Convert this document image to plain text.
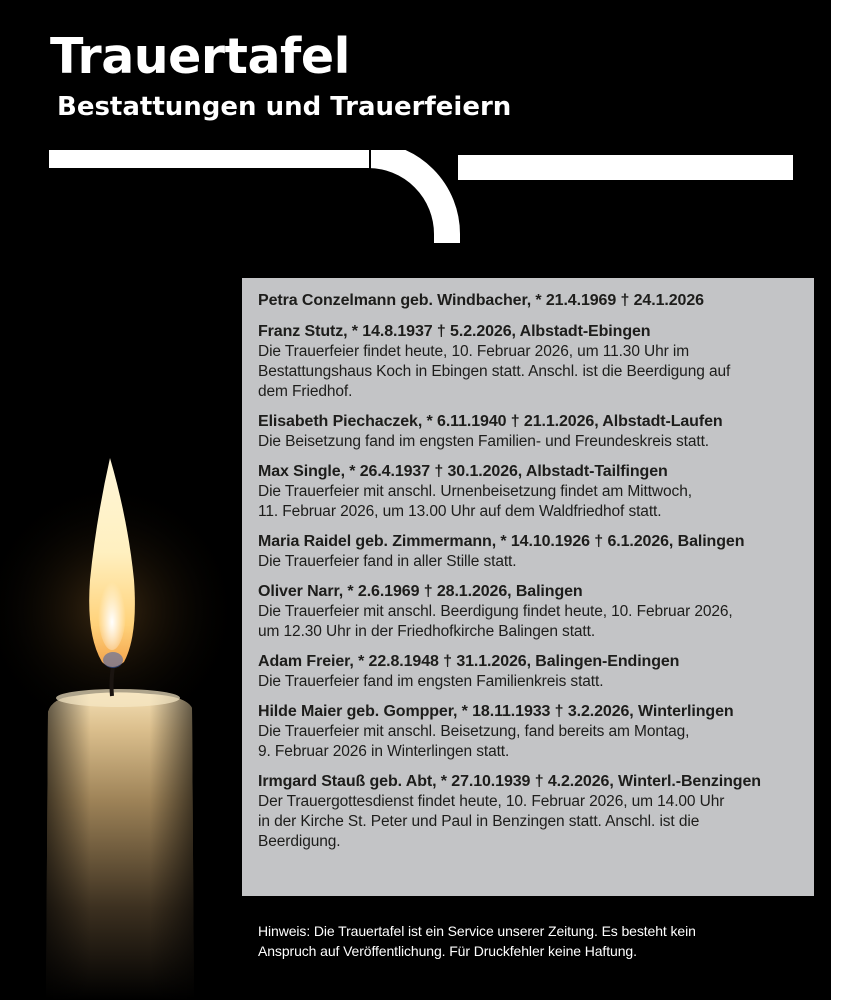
Trauertafel
Bestattungen und Trauerfeiern
Petra Conzelmann geb. Windbacher, * 21.4.1969 † 24.1.2026
Franz Stutz, * 14.8.1937 † 5.2.2026, Albstadt-Ebingen
Die Trauerfeier findet heute, 10. Februar 2026, um 11.30 Uhr im
Bestattungshaus Koch in Ebingen statt. Anschl. ist die Beerdigung auf
dem Friedhof.
Elisabeth Piechaczek, * 6.11.1940 † 21.1.2026, Albstadt-Laufen
Die Beisetzung fand im engsten Familien- und Freundeskreis statt.
Max Single, * 26.4.1937 † 30.1.2026, Albstadt-Tailfingen
Die Trauerfeier mit anschl. Urnenbeisetzung findet am Mittwoch,
11. Februar 2026, um 13.00 Uhr auf dem Waldfriedhof statt.
Maria Raidel geb. Zimmermann, * 14.10.1926 † 6.1.2026, Balingen
Die Trauerfeier fand in aller Stille statt.
Oliver Narr, * 2.6.1969 † 28.1.2026, Balingen
Die Trauerfeier mit anschl. Beerdigung findet heute, 10. Februar 2026,
um 12.30 Uhr in der Friedhofkirche Balingen statt.
Adam Freier, * 22.8.1948 † 31.1.2026, Balingen-Endingen
Die Trauerfeier fand im engsten Familienkreis statt.
Hilde Maier geb. Gompper, * 18.11.1933 † 3.2.2026, Winterlingen
Die Trauerfeier mit anschl. Beisetzung, fand bereits am Montag,
9. Februar 2026 in Winterlingen statt.
Irmgard Stauß geb. Abt, * 27.10.1939 † 4.2.2026, Winterl.-Benzingen
Der Trauergottesdienst findet heute, 10. Februar 2026, um 14.00 Uhr
in der Kirche St. Peter und Paul in Benzingen statt. Anschl. ist die
Beerdigung.
Hinweis: Die Trauertafel ist ein Service unserer Zeitung. Es besteht kein
Anspruch auf Veröffentlichung. Für Druckfehler keine Haftung.
